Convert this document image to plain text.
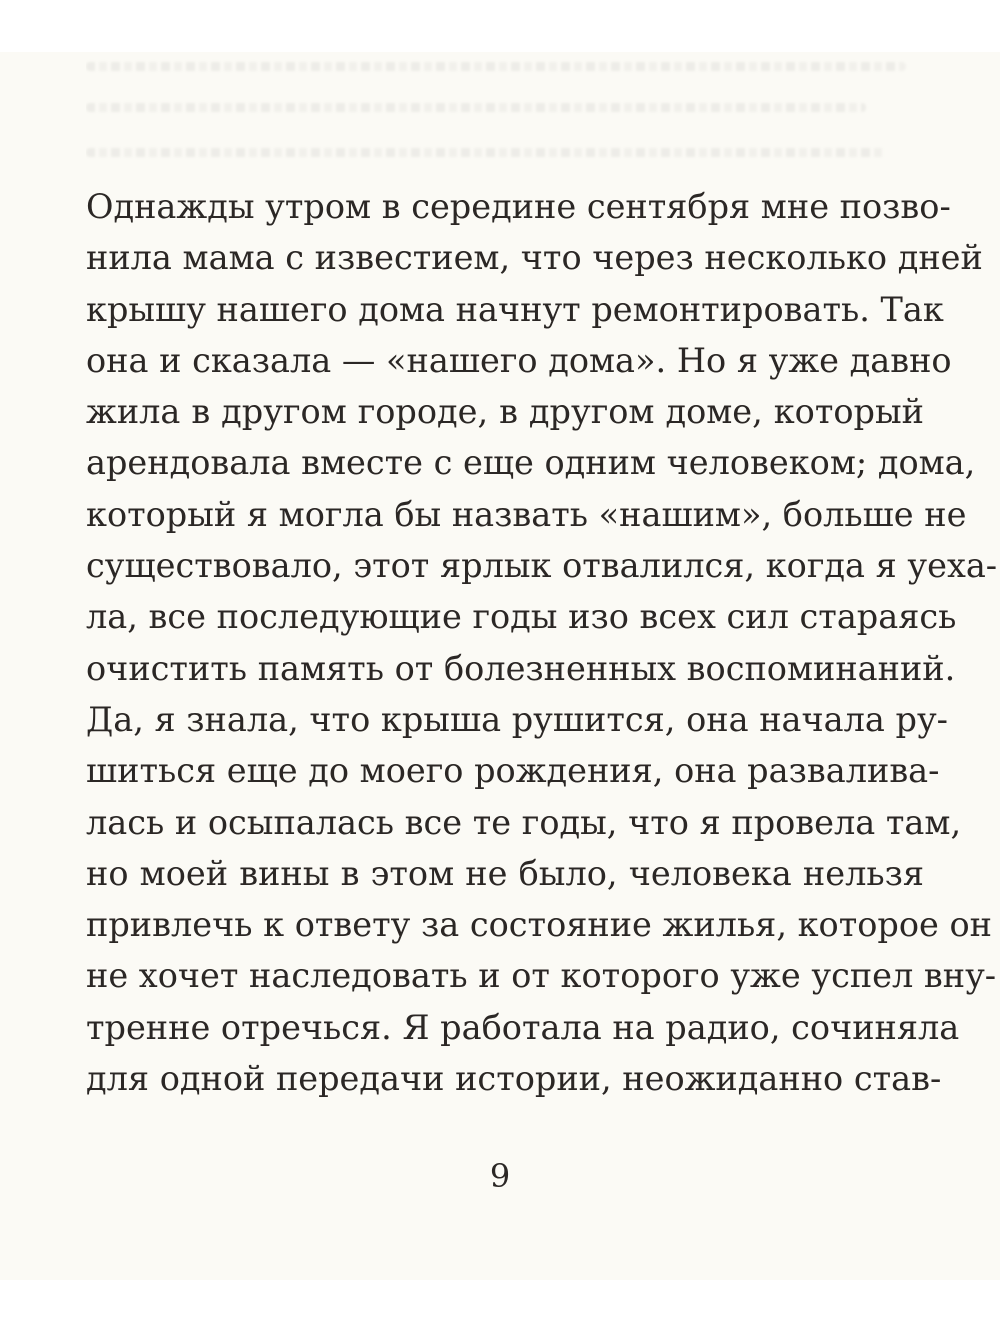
Однажды утром в середине сентября мне позво-
нила мама с известием, что через несколько дней
крышу нашего дома начнут ремонтировать. Так
она и сказала — «нашего дома». Но я уже давно
жила в другом городе, в другом доме, который
арендовала вместе с еще одним человеком; дома,
который я могла бы назвать «нашим», больше не
существовало, этот ярлык отвалился, когда я уеха-
ла, все последующие годы изо всех сил стараясь
очистить память от болезненных воспоминаний.
Да, я знала, что крыша рушится, она начала ру-
шиться еще до моего рождения, она разваливa-
лась и осыпалась все те годы, что я провела там,
но моей вины в этом не было, человека нельзя
привлечь к ответу за состояние жилья, которое он
не хочет наследовать и от которого уже успел вну-
тренне отречься. Я работала на радио, сочиняла
для одной передачи истории, неожиданно став-
9
